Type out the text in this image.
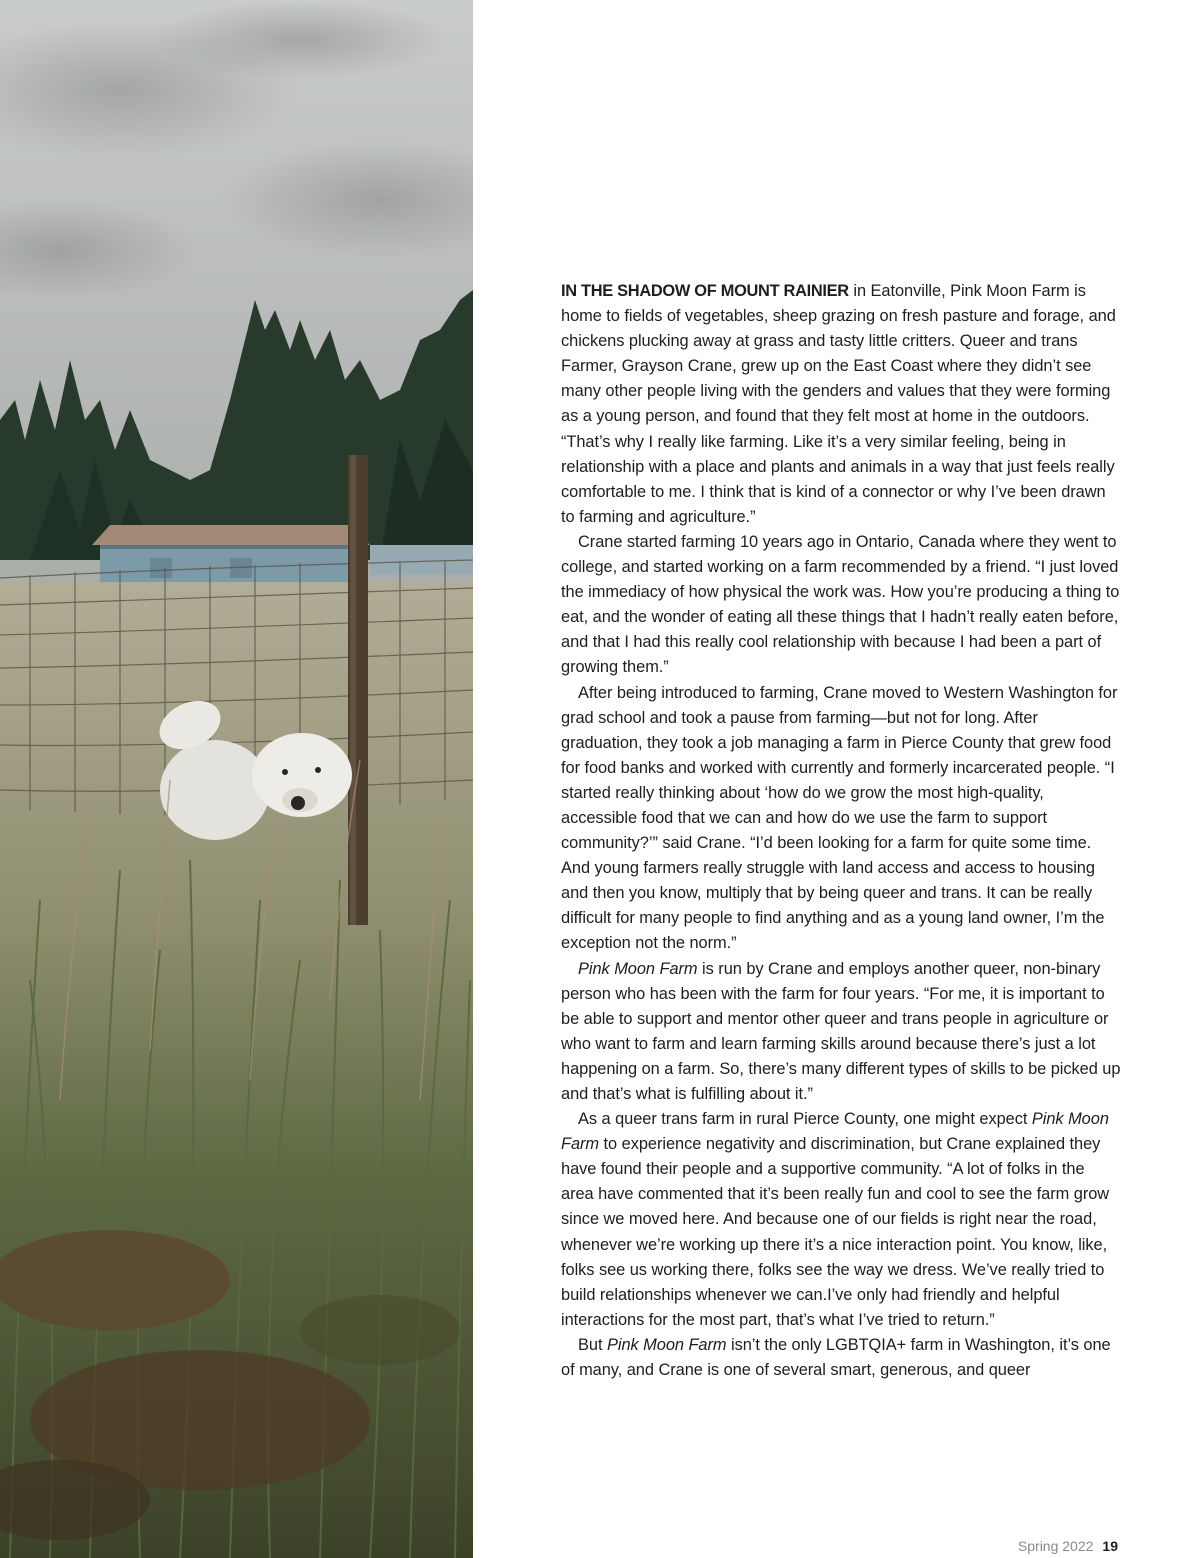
IN THE SHADOW OF MOUNT RAINIER in Eatonville, Pink Moon Farm is home to fields of vegetables, sheep grazing on fresh pasture and forage, and chickens plucking away at grass and tasty little critters. Queer and trans Farmer, Grayson Crane, grew up on the East Coast where they didn’t see many other people living with the genders and values that they were forming as a young person, and found that they felt most at home in the outdoors. “That’s why I really like farming. Like it’s a very similar feeling, being in relationship with a place and plants and animals in a way that just feels really comfortable to me. I think that is kind of a connector or why I’ve been drawn to farming and agriculture.”

Crane started farming 10 years ago in Ontario, Canada where they went to college, and started working on a farm recommended by a friend. “I just loved the immediacy of how physical the work was. How you’re producing a thing to eat, and the wonder of eating all these things that I hadn’t really eaten before, and that I had this really cool relationship with because I had been a part of growing them.”

After being introduced to farming, Crane moved to Western Washington for grad school and took a pause from farming—but not for long. After graduation, they took a job managing a farm in Pierce County that grew food for food banks and worked with currently and formerly incarcerated people. “I started really thinking about ‘how do we grow the most high-quality, accessible food that we can and how do we use the farm to support community?’” said Crane. “I’d been looking for a farm for quite some time. And young farmers really struggle with land access and access to housing and then you know, multiply that by being queer and trans. It can be really difficult for many people to find anything and as a young land owner, I’m the exception not the norm.”

Pink Moon Farm is run by Crane and employs another queer, non-binary person who has been with the farm for four years. “For me, it is important to be able to support and mentor other queer and trans people in agriculture or who want to farm and learn farming skills around because there’s just a lot happening on a farm. So, there’s many different types of skills to be picked up and that’s what is fulfilling about it.”

As a queer trans farm in rural Pierce County, one might expect Pink Moon Farm to experience negativity and discrimination, but Crane explained they have found their people and a supportive community. “A lot of folks in the area have commented that it’s been really fun and cool to see the farm grow since we moved here. And because one of our fields is right near the road, whenever we’re working up there it’s a nice interaction point. You know, like, folks see us working there, folks see the way we dress. We’ve really tried to build relationships whenever we can.I’ve only had friendly and helpful interactions for the most part, that’s what I’ve tried to return.”

But Pink Moon Farm isn’t the only LGBTQIA+ farm in Washington, it’s one of many, and Crane is one of several smart, generous, and queer

Spring 2022 19
